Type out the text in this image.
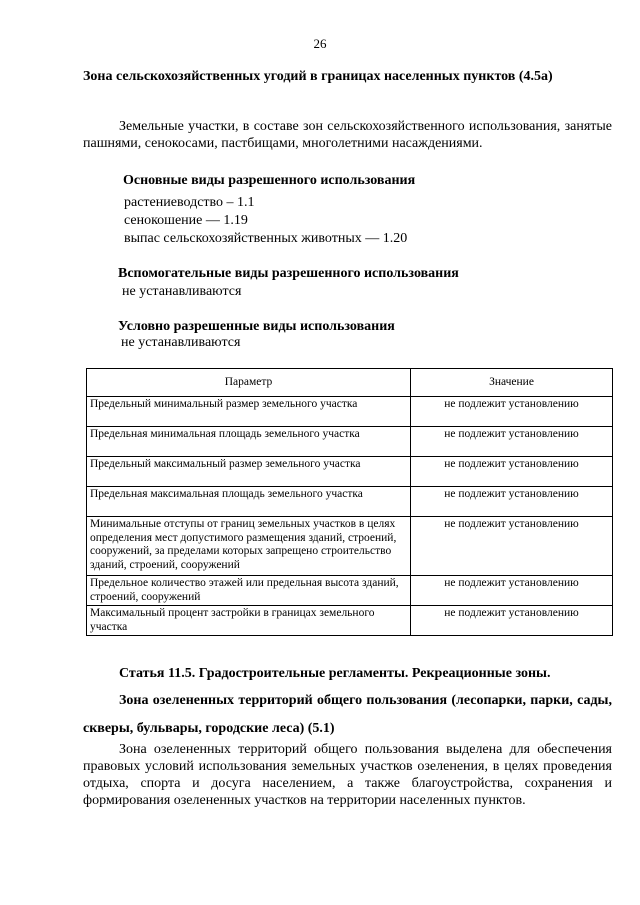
26
Зона сельскохозяйственных угодий в границах населенных пунктов (4.5а)
Земельные участки, в составе зон сельскохозяйственного использования, занятые пашнями, сенокосами, пастбищами, многолетними насаждениями.
Основные виды разрешенного использования
растениеводство – 1.1
сенокошение — 1.19
выпас сельскохозяйственных животных — 1.20
Вспомогательные виды разрешенного использования
не устанавливаются
Условно разрешенные виды использования
не устанавливаются
Параметр	Значение
Предельный минимальный размер земельного участка	не подлежит установлению
Предельная минимальная площадь земельного участка	не подлежит установлению
Предельный максимальный размер земельного участка	не подлежит установлению
Предельная максимальная площадь земельного участка	не подлежит установлению
Минимальные отступы от границ земельных участков в целях определения мест допустимого размещения зданий, строений, сооружений, за пределами которых запрещено строительство зданий, строений, сооружений	не подлежит установлению
Предельное количество этажей или предельная высота зданий, строений, сооружений	не подлежит установлению
Максимальный процент застройки в границах земельного участка	не подлежит установлению
Статья 11.5. Градостроительные регламенты. Рекреационные зоны.
Зона озелененных территорий общего пользования (лесопарки, парки, сады, скверы, бульвары, городские леса) (5.1)
Зона озелененных территорий общего пользования выделена для обеспечения правовых условий использования земельных участков озеленения, в целях проведения отдыха, спорта и досуга населением, а также благоустройства, сохранения и формирования озелененных участков на территории населенных пунктов.
